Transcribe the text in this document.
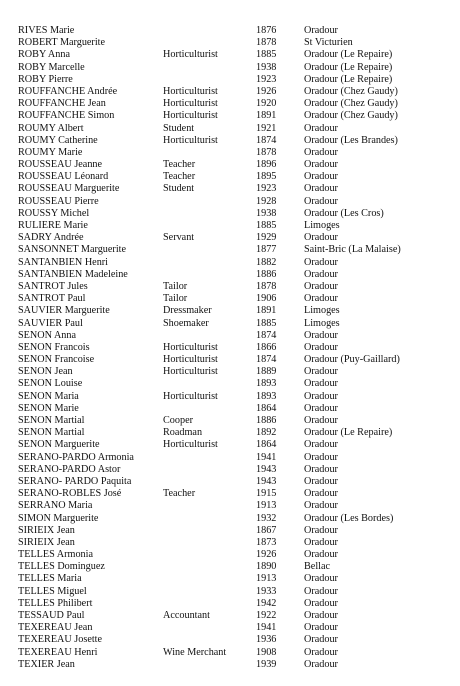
RIVES Marie	1876	Oradour
ROBERT Marguerite	1878	St Victurien
ROBY Anna	Horticulturist	1885	Oradour (Le Repaire)
ROBY Marcelle	1938	Oradour (Le Repaire)
ROBY Pierre	1923	Oradour (Le Repaire)
ROUFFANCHE Andrée	Horticulturist	1926	Oradour (Chez Gaudy)
ROUFFANCHE Jean	Horticulturist	1920	Oradour (Chez Gaudy)
ROUFFANCHE Simon	Horticulturist	1891	Oradour (Chez Gaudy)
ROUMY Albert	Student	1921	Oradour
ROUMY Catherine	Horticulturist	1874	Oradour (Les Brandes)
ROUMY Marie	1878	Oradour
ROUSSEAU Jeanne	Teacher	1896	Oradour
ROUSSEAU Léonard	Teacher	1895	Oradour
ROUSSEAU Marguerite	Student	1923	Oradour
ROUSSEAU Pierre	1928	Oradour
ROUSSY Michel	1938	Oradour (Les Cros)
RULIERE Marie	1885	Limoges
SADRY Andrée	Servant	1929	Oradour
SANSONNET Marguerite	1877	Saint-Bric (La Malaise)
SANTANBIEN Henri	1882	Oradour
SANTANBIEN Madeleine	1886	Oradour
SANTROT Jules	Tailor	1878	Oradour
SANTROT Paul	Tailor	1906	Oradour
SAUVIER Marguerite	Dressmaker	1891	Limoges
SAUVIER Paul	Shoemaker	1885	Limoges
SENON Anna	1874	Oradour
SENON Francois	Horticulturist	1866	Oradour
SENON Francoise	Horticulturist	1874	Oradour (Puy-Gaillard)
SENON Jean	Horticulturist	1889	Oradour
SENON Louise	1893	Oradour
SENON Maria	Horticulturist	1893	Oradour
SENON Marie	1864	Oradour
SENON Martial	Cooper	1886	Oradour
SENON Martial	Roadman	1892	Oradour (Le Repaire)
SENON Marguerite	Horticulturist	1864	Oradour
SERANO-PARDO Armonia	1941	Oradour
SERANO-PARDO Astor	1943	Oradour
SERANO- PARDO Paquita	1943	Oradour
SERANO-ROBLES José	Teacher	1915	Oradour
SERRANO Maria	1913	Oradour
SIMON Marguerite	1932	Oradour (Les Bordes)
SIRIEIX Jean	1867	Oradour
SIRIEIX Jean	1873	Oradour
TELLES Armonia	1926	Oradour
TELLES Dominguez	1890	Bellac
TELLES Maria	1913	Oradour
TELLES Miguel	1933	Oradour
TELLES Philibert	1942	Oradour
TESSAUD Paul	Accountant	1922	Oradour
TEXEREAU Jean	1941	Oradour
TEXEREAU Josette	1936	Oradour
TEXEREAU Henri	Wine Merchant	1908	Oradour
TEXIER Jean	1939	Oradour
